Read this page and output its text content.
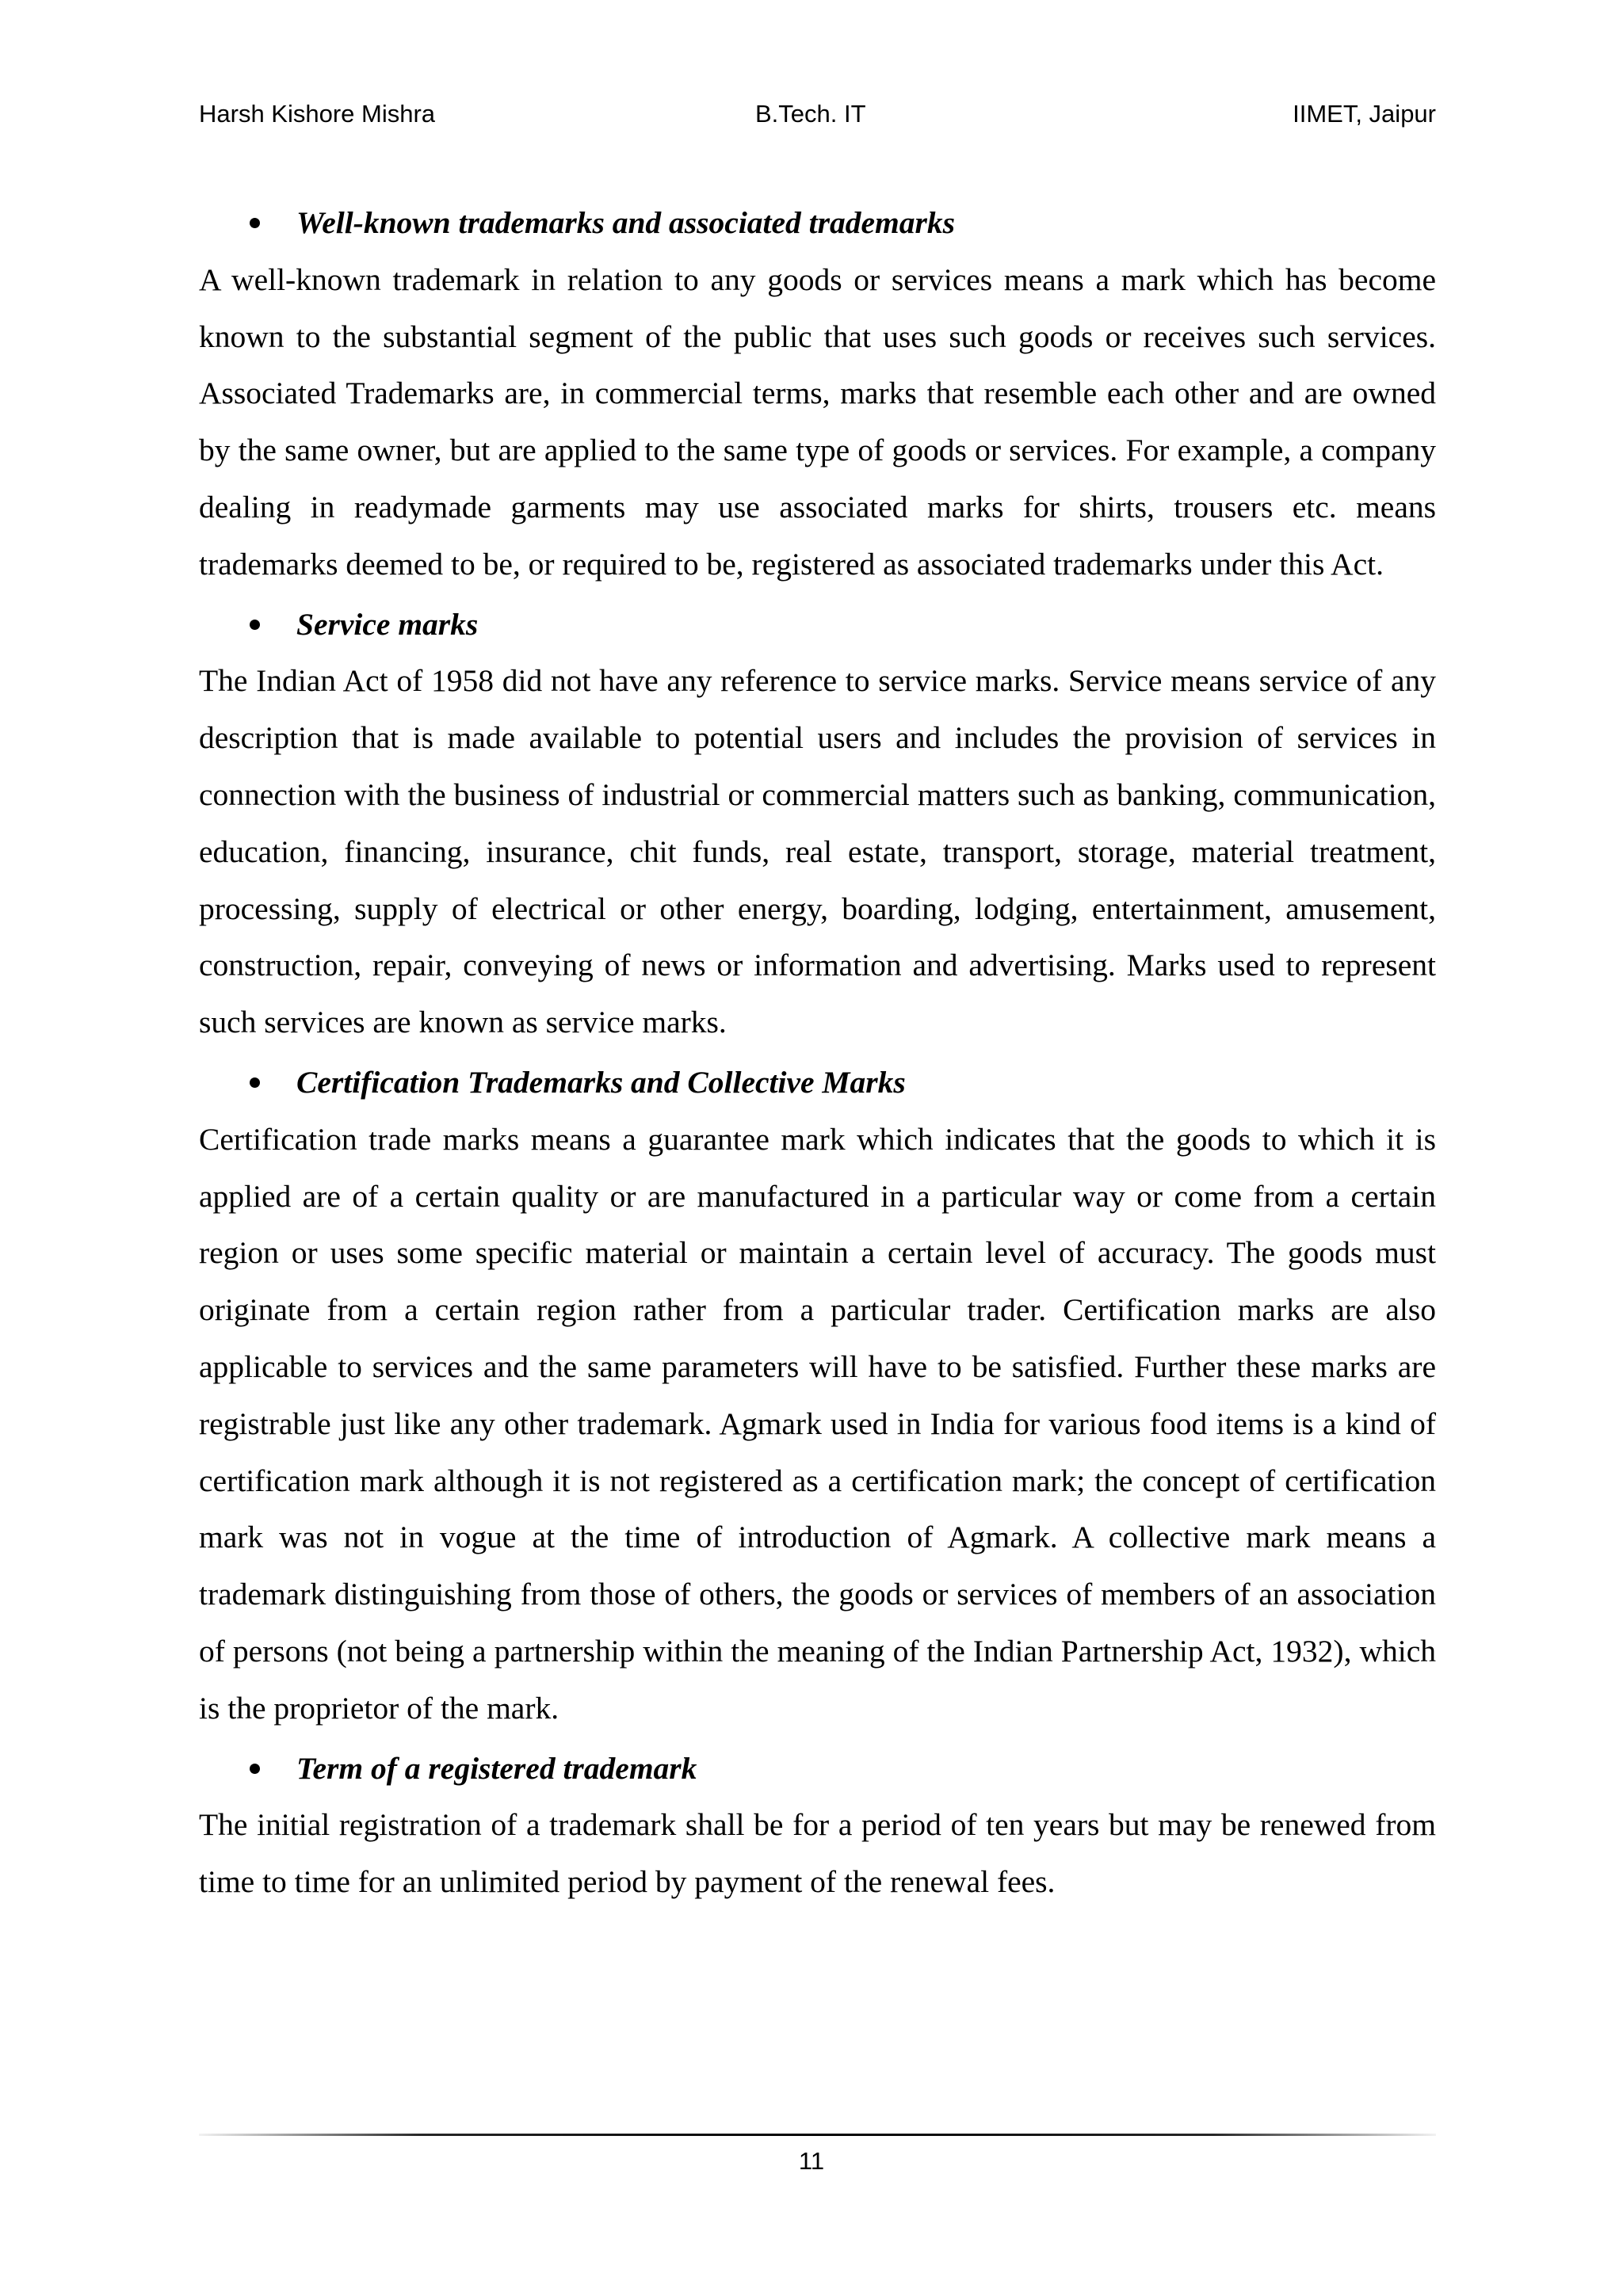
Harsh Kishore Mishra	B.Tech. IT	IIMET, Jaipur
Well-known trademarks and associated trademarks

A well-known trademark in relation to any goods or services means a mark which has become known to the substantial segment of the public that uses such goods or receives such services. Associated Trademarks are, in commercial terms, marks that resemble each other and are owned by the same owner, but are applied to the same type of goods or services. For example, a company dealing in readymade garments may use associated marks for shirts, trousers etc. means trademarks deemed to be, or required to be, registered as associated trademarks under this Act.

Service marks

The Indian Act of 1958 did not have any reference to service marks. Service means service of any description that is made available to potential users and includes the provision of services in connection with the business of industrial or commercial matters such as banking, communication, education, financing, insurance, chit funds, real estate, transport, storage, material treatment, processing, supply of electrical or other energy, boarding, lodging, entertainment, amusement, construction, repair, conveying of news or information and advertising. Marks used to represent such services are known as service marks.

Certification Trademarks and Collective Marks

Certification trade marks means a guarantee mark which indicates that the goods to which it is applied are of a certain quality or are manufactured in a particular way or come from a certain region or uses some specific material or maintain a certain level of accuracy. The goods must originate from a certain region rather from a particular trader. Certification marks are also applicable to services and the same parameters will have to be satisfied. Further these marks are registrable just like any other trademark. Agmark used in India for various food items is a kind of certification mark although it is not registered as a certification mark; the concept of certification mark was not in vogue at the time of introduction of Agmark. A collective mark means a trademark distinguishing from those of others, the goods or services of members of an association of persons (not being a partnership within the meaning of the Indian Partnership Act, 1932), which is the proprietor of the mark.

Term of a registered trademark

The initial registration of a trademark shall be for a period of ten years but may be renewed from time to time for an unlimited period by payment of the renewal fees.

11
